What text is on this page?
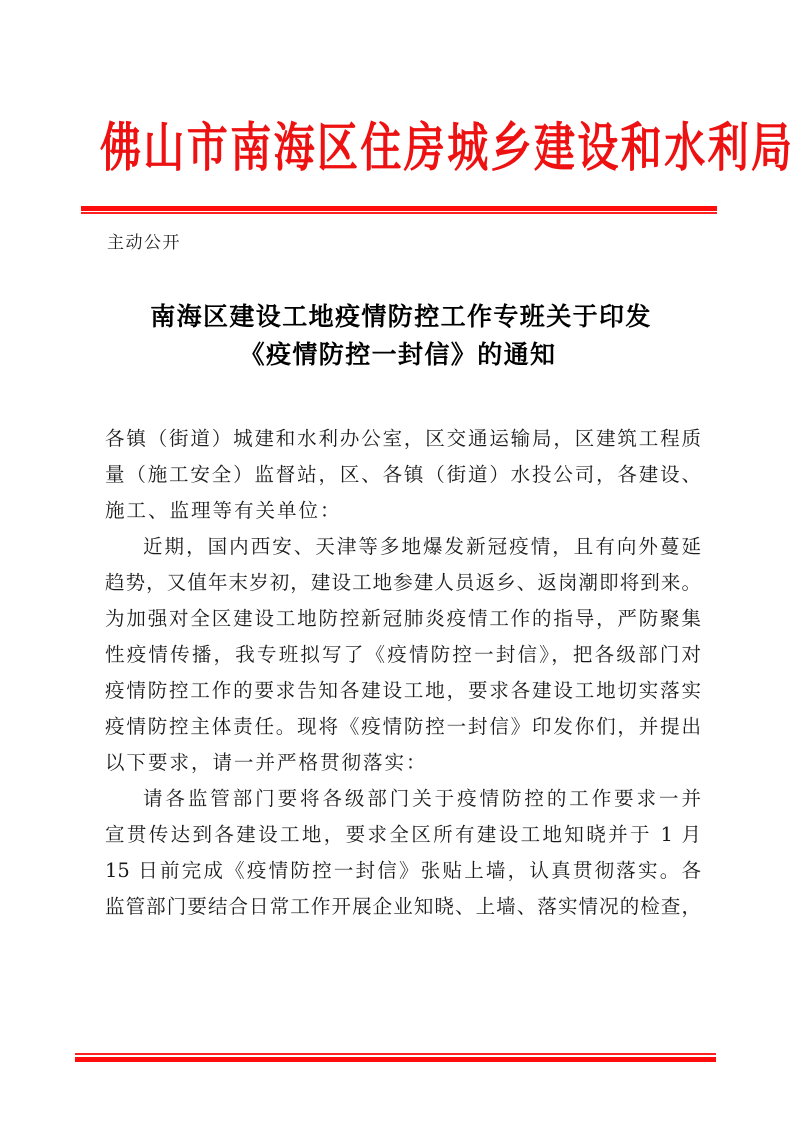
佛山市南海区住房城乡建设和水利局
主动公开
南海区建设工地疫情防控工作专班关于印发
《疫情防控一封信》的通知
各镇（街道）城建和水利办公室，区交通运输局，区建筑工程质
量（施工安全）监督站，区、各镇（街道）水投公司，各建设、
施工、监理等有关单位：
近期，国内西安、天津等多地爆发新冠疫情，且有向外蔓延
趋势，又值年末岁初，建设工地参建人员返乡、返岗潮即将到来。
为加强对全区建设工地防控新冠肺炎疫情工作的指导，严防聚集
性疫情传播，我专班拟写了《疫情防控一封信》，把各级部门对
疫情防控工作的要求告知各建设工地，要求各建设工地切实落实
疫情防控主体责任。现将《疫情防控一封信》印发你们，并提出
以下要求，请一并严格贯彻落实：
请各监管部门要将各级部门关于疫情防控的工作要求一并
宣贯传达到各建设工地，要求全区所有建设工地知晓并于 1 月
15 日前完成《疫情防控一封信》张贴上墙，认真贯彻落实。各
监管部门要结合日常工作开展企业知晓、上墙、落实情况的检查，
